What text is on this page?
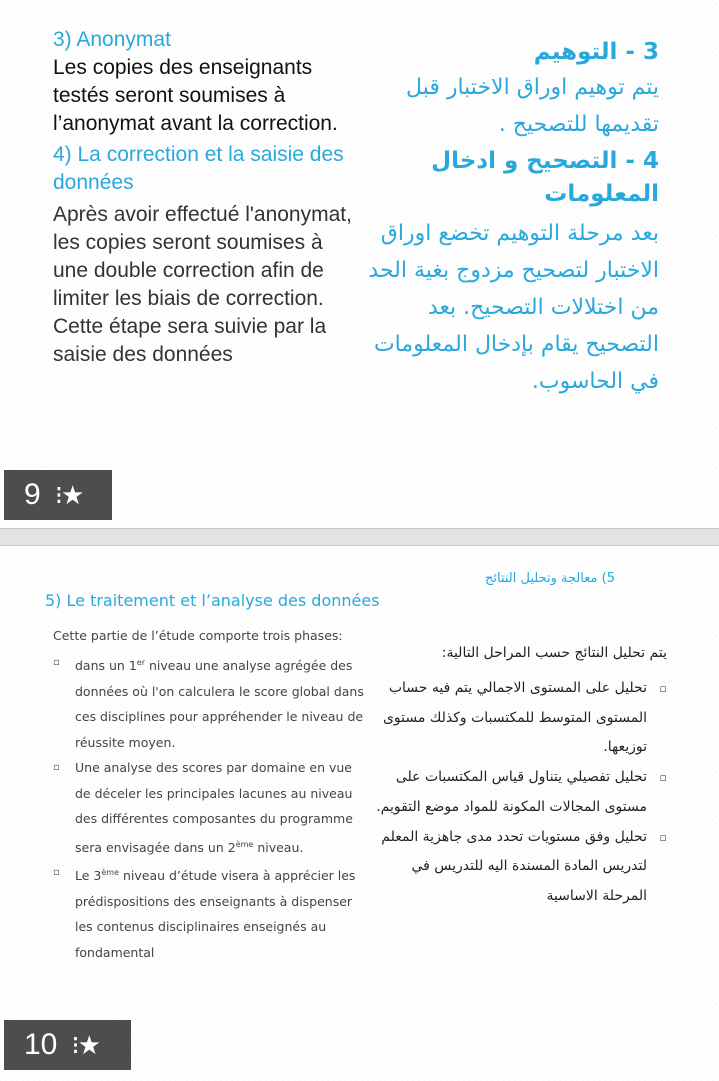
3) Anonymat
Les copies des enseignants testés seront soumises à l’anonymat avant la correction.
4) La correction et la saisie des données
Après avoir effectué l'anonymat, les copies seront soumises à une double correction afin de limiter les biais de correction. Cette étape sera suivie par la saisie des données
3 - التوهيم
يتم توهيم اوراق الاختبار قبل تقديمها للتصحيح .
4 - التصحيح و ادخال المعلومات
بعد مرحلة التوهيم تخضع اوراق الاختبار لتصحيح مزدوج بغية الحد من اختلالات التصحيح. بعد التصحيح يقام بإدخال المعلومات في الحاسوب.
9 ⁝★
5) معالجة وتحليل النتائج
5) Le traitement et l’analyse des données
Cette partie de l’étude comporte trois phases:
▫ dans un 1er niveau une analyse agrégée des données où l'on calculera le score global dans ces disciplines pour appréhender le niveau de réussite moyen.
▫ Une analyse des scores par domaine en vue de déceler les principales lacunes au niveau des différentes composantes du programme sera envisagée dans un 2ème niveau.
▫ Le 3ème niveau d’étude visera à apprécier les prédispositions des enseignants à dispenser les contenus disciplinaires enseignés au fondamental
يتم تحليل النتائج حسب المراحل التالية:
▫
تحليل على المستوى الاجمالي يتم فيه حساب المستوى المتوسط للمكتسبات وكذلك مستوى توزيعها.
▫
تحليل تفصيلي يتناول قياس المكتسبات على مستوى المجالات المكونة للمواد موضع التقويم.
▫
تحليل وفق مستويات تحدد مدى جاهزية المعلم لتدريس المادة المسندة اليه للتدريس في المرحلة الاساسية
10 ⁝★
